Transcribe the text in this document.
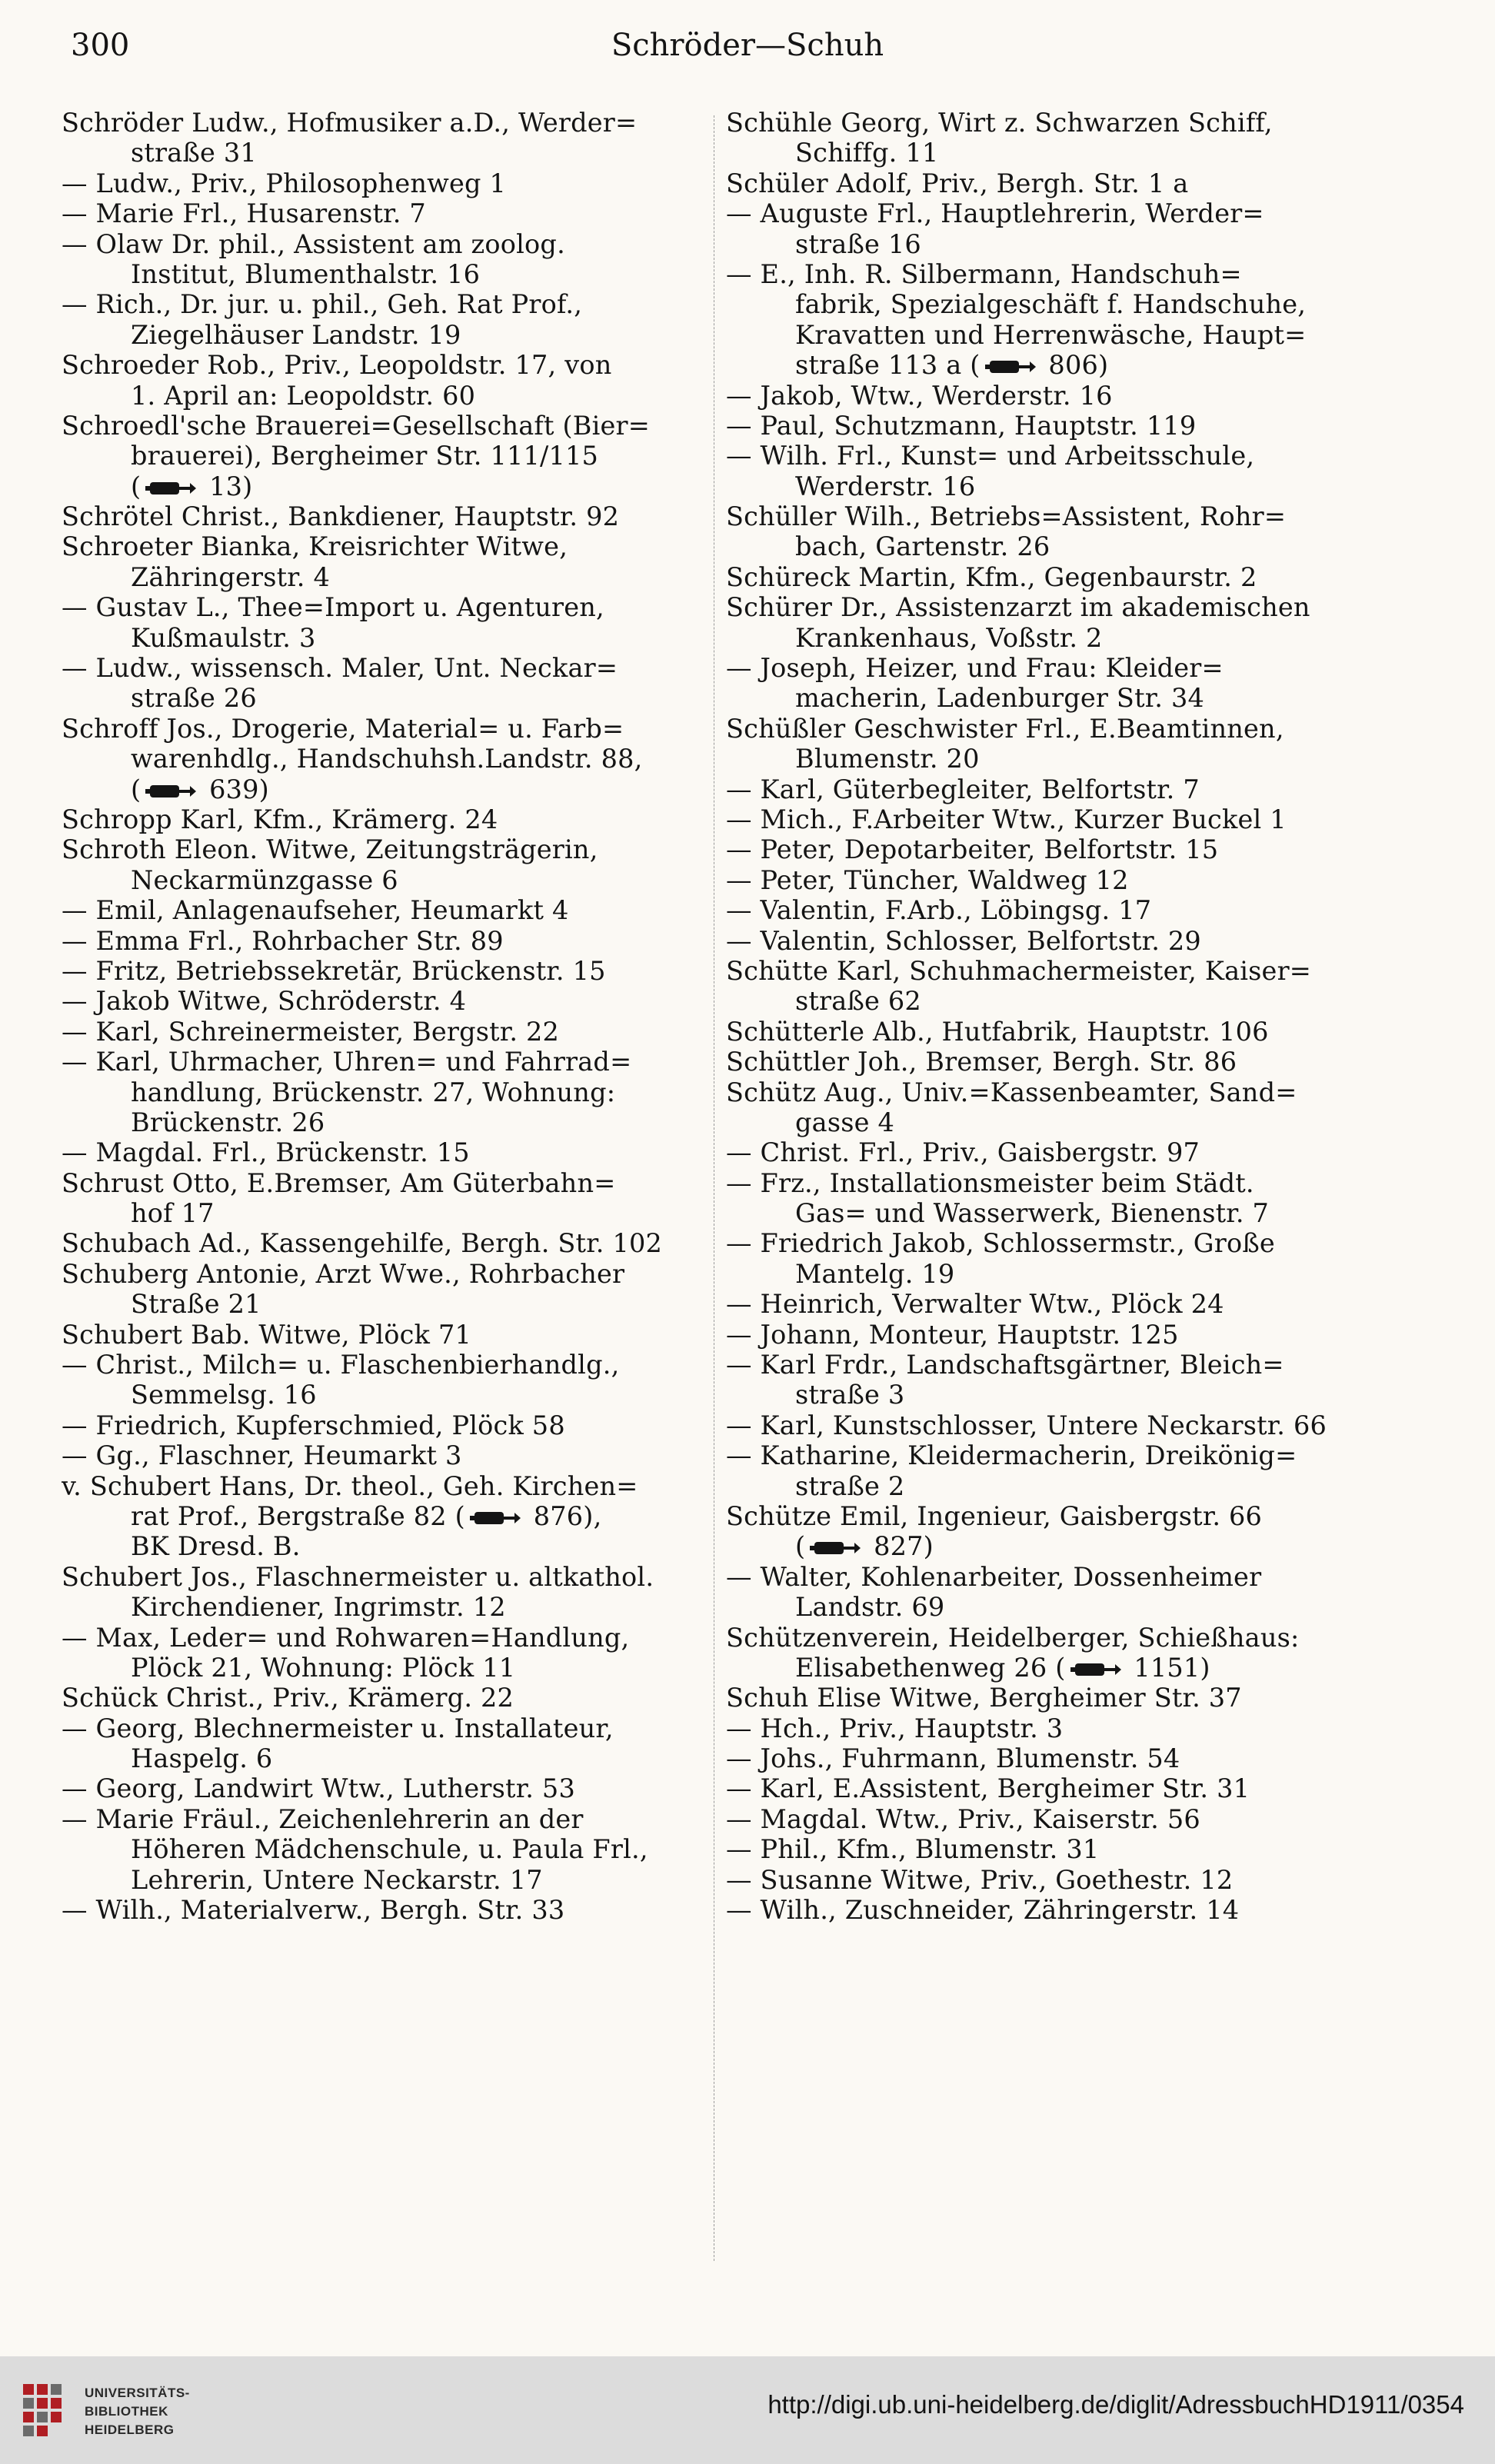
300	Schröder—Schuh
Schröder Ludw., Hofmusiker a.D., Werder=
straße 31
— Ludw., Priv., Philosophenweg 1
— Marie Frl., Husarenstr. 7
— Olaw Dr. phil., Assistent am zoolog.
Institut, Blumenthalstr. 16
— Rich., Dr. jur. u. phil., Geh. Rat Prof.,
Ziegelhäuser Landstr. 19
Schroeder Rob., Priv., Leopoldstr. 17, von
1. April an: Leopoldstr. 60
Schroedl'sche Brauerei=Gesellschaft (Bier=
brauerei), Bergheimer Str. 111/115
( 13)
Schrötel Christ., Bankdiener, Hauptstr. 92
Schroeter Bianka, Kreisrichter Witwe,
Zähringerstr. 4
— Gustav L., Thee=Import u. Agenturen,
Kußmaulstr. 3
— Ludw., wissensch. Maler, Unt. Neckar=
straße 26
Schroff Jos., Drogerie, Material= u. Farb=
warenhdlg., Handschuhsh.Landstr. 88,
( 639)
Schropp Karl, Kfm., Krämerg. 24
Schroth Eleon. Witwe, Zeitungsträgerin,
Neckarmünzgasse 6
— Emil, Anlagenaufseher, Heumarkt 4
— Emma Frl., Rohrbacher Str. 89
— Fritz, Betriebssekretär, Brückenstr. 15
— Jakob Witwe, Schröderstr. 4
— Karl, Schreinermeister, Bergstr. 22
— Karl, Uhrmacher, Uhren= und Fahrrad=
handlung, Brückenstr. 27, Wohnung:
Brückenstr. 26
— Magdal. Frl., Brückenstr. 15
Schrust Otto, E.Bremser, Am Güterbahn=
hof 17
Schubach Ad., Kassengehilfe, Bergh. Str. 102
Schuberg Antonie, Arzt Wwe., Rohrbacher
Straße 21
Schubert Bab. Witwe, Plöck 71
— Christ., Milch= u. Flaschenbierhandlg.,
Semmelsg. 16
— Friedrich, Kupferschmied, Plöck 58
— Gg., Flaschner, Heumarkt 3
v. Schubert Hans, Dr. theol., Geh. Kirchen=
rat Prof., Bergstraße 82 ( 876),
BK Dresd. B.
Schubert Jos., Flaschnermeister u. altkathol.
Kirchendiener, Ingrimstr. 12
— Max, Leder= und Rohwaren=Handlung,
Plöck 21, Wohnung: Plöck 11
Schück Christ., Priv., Krämerg. 22
— Georg, Blechnermeister u. Installateur,
Haspelg. 6
— Georg, Landwirt Wtw., Lutherstr. 53
— Marie Fräul., Zeichenlehrerin an der
Höheren Mädchenschule, u. Paula Frl.,
Lehrerin, Untere Neckarstr. 17
— Wilh., Materialverw., Bergh. Str. 33
Schühle Georg, Wirt z. Schwarzen Schiff,
Schiffg. 11
Schüler Adolf, Priv., Bergh. Str. 1 a
— Auguste Frl., Hauptlehrerin, Werder=
straße 16
— E., Inh. R. Silbermann, Handschuh=
fabrik, Spezialgeschäft f. Handschuhe,
Kravatten und Herrenwäsche, Haupt=
straße 113 a ( 806)
— Jakob, Wtw., Werderstr. 16
— Paul, Schutzmann, Hauptstr. 119
— Wilh. Frl., Kunst= und Arbeitsschule,
Werderstr. 16
Schüller Wilh., Betriebs=Assistent, Rohr=
bach, Gartenstr. 26
Schüreck Martin, Kfm., Gegenbaurstr. 2
Schürer Dr., Assistenzarzt im akademischen
Krankenhaus, Voßstr. 2
— Joseph, Heizer, und Frau: Kleider=
macherin, Ladenburger Str. 34
Schüßler Geschwister Frl., E.Beamtinnen,
Blumenstr. 20
— Karl, Güterbegleiter, Belfortstr. 7
— Mich., F.Arbeiter Wtw., Kurzer Buckel 1
— Peter, Depotarbeiter, Belfortstr. 15
— Peter, Tüncher, Waldweg 12
— Valentin, F.Arb., Löbingsg. 17
— Valentin, Schlosser, Belfortstr. 29
Schütte Karl, Schuhmachermeister, Kaiser=
straße 62
Schütterle Alb., Hutfabrik, Hauptstr. 106
Schüttler Joh., Bremser, Bergh. Str. 86
Schütz Aug., Univ.=Kassenbeamter, Sand=
gasse 4
— Christ. Frl., Priv., Gaisbergstr. 97
— Frz., Installationsmeister beim Städt.
Gas= und Wasserwerk, Bienenstr. 7
— Friedrich Jakob, Schlossermstr., Große
Mantelg. 19
— Heinrich, Verwalter Wtw., Plöck 24
— Johann, Monteur, Hauptstr. 125
— Karl Frdr., Landschaftsgärtner, Bleich=
straße 3
— Karl, Kunstschlosser, Untere Neckarstr. 66
— Katharine, Kleidermacherin, Dreikönig=
straße 2
Schütze Emil, Ingenieur, Gaisbergstr. 66
( 827)
— Walter, Kohlenarbeiter, Dossenheimer
Landstr. 69
Schützenverein, Heidelberger, Schießhaus:
Elisabethenweg 26 ( 1151)
Schuh Elise Witwe, Bergheimer Str. 37
— Hch., Priv., Hauptstr. 3
— Johs., Fuhrmann, Blumenstr. 54
— Karl, E.Assistent, Bergheimer Str. 31
— Magdal. Wtw., Priv., Kaiserstr. 56
— Phil., Kfm., Blumenstr. 31
— Susanne Witwe, Priv., Goethestr. 12
— Wilh., Zuschneider, Zähringerstr. 14
UNIVERSITÄTS-
BIBLIOTHEK
HEIDELBERG
http://digi.ub.uni-heidelberg.de/diglit/AdressbuchHD1911/0354
